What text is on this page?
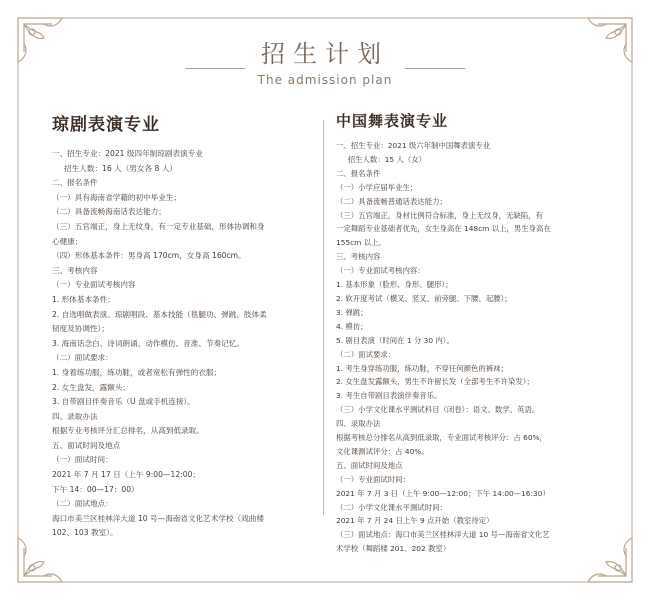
招生计划
The admission plan
琼剧表演专业
一、招生专业：2021 级四年制琼剧表演专业
招生人数：16 人（男女各 8 人）
二、报名条件
（一）具有海南省学籍的初中毕业生；
（二）具备流畅海南话表达能力；
（三）五官端正，身上无纹身，有一定专业基础，形体协调和身
心健康；
（四）形体基本条件：男身高 170cm，女身高 160cm。
三、考核内容
（一）专业面试考核内容
1. 形体基本条件；
2. 自选唱做表演、琼剧唱段、基本技能（毯腿功、弹跳、肢体柔
韧度及协调性）；
3. 海南话念白、诗词朗诵、动作模仿、音准、节奏记忆。
（二）面试要求：
1. 身着练功服，练功鞋，或者宽松有弹性的衣服；
2. 女生盘发，露额头；
3. 自带剧目伴奏音乐（U 盘或手机连接）。
四、录取办法
根据专业考核评分汇总排名，从高到低录取。
五、面试时间及地点
（一）面试时间：
2021 年 7 月 17 日（上午 9:00—12:00；
下午 14：00—17：00）
（二）面试地点：
海口市美兰区桂林洋大道 10 号—海南省文化艺术学校（戏曲楼
102、103 教室）。
中国舞表演专业
一、招生专业：2021 级六年制中国舞表演专业
招生人数：15 人（女）
二、报名条件
（一）小学应届毕业生；
（二）具备流畅普通话表达能力；
（三）五官端正，身材比例符合标准，身上无纹身，无缺陷，有
一定舞蹈专业基础者优先，女生身高在 148cm 以上，男生身高在
155cm 以上。
三、考核内容
（一）专业面试考核内容：
1. 基本形象（脸形、身形、腿形）；
2. 软开度考试（横叉、竖叉、前旁腿、下腰、起腰）；
3. 弹跳；
4. 模仿；
5. 剧目表演（时间在 1 分 30 内）。
（二）面试要求：
1. 考生身穿练功服，练功鞋，不穿任何颜色的裤袜；
2. 女生盘发露额头，男生不许留长发（全部考生不许染发）；
3. 考生自带剧目表演伴奏音乐。
（三）小学文化课水平测试科目（闭卷）：语文、数学、英语。
四、录取办法
根据考核总分排名从高到低录取，专业面试考核评分：占 60%，
文化课测试评分：占 40%。
五、面试时间及地点
（一）专业面试时间：
2021 年 7 月 3 日（上午 9:00—12:00；下午 14:00—16:30）
（二）小学文化课水平测试时间：
2021 年 7 月 24 日上午 9 点开始（教室待定）
（三）面试地点：海口市美兰区桂林洋大道 10 号—海南省文化艺
术学校（舞蹈楼 201、202 教室）
